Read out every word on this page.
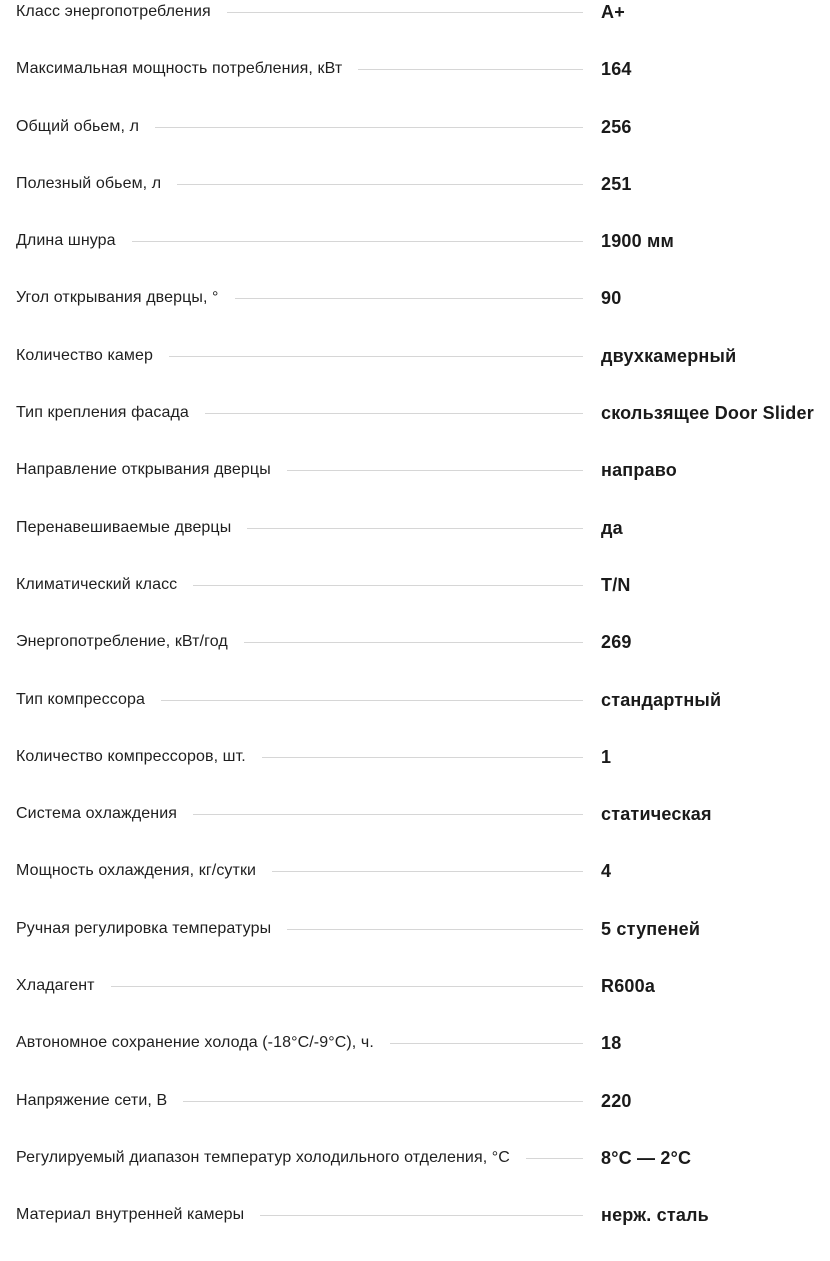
Класс энергопотребления	A+
Максимальная мощность потребления, кВт	164
Общий обьем, л	256
Полезный обьем, л	251
Длина шнура	1900 мм
Угол открывания дверцы, °	90
Количество камер	двухкамерный
Тип крепления фасада	скользящее Door Slider
Направление открывания дверцы	направо
Перенавешиваемые дверцы	да
Климатический класс	T/N
Энергопотребление, кВт/год	269
Тип компрессора	стандартный
Количество компрессоров, шт.	1
Система охлаждения	статическая
Мощность охлаждения, кг/сутки	4
Ручная регулировка температуры	5 ступеней
Хладагент	R600a
Автономное сохранение холода (-18°C/-9°C), ч.	18
Напряжение сети, В	220
Регулируемый диапазон температур холодильного отделения, °C	8°C — 2°C
Материал внутренней камеры	нерж. сталь
